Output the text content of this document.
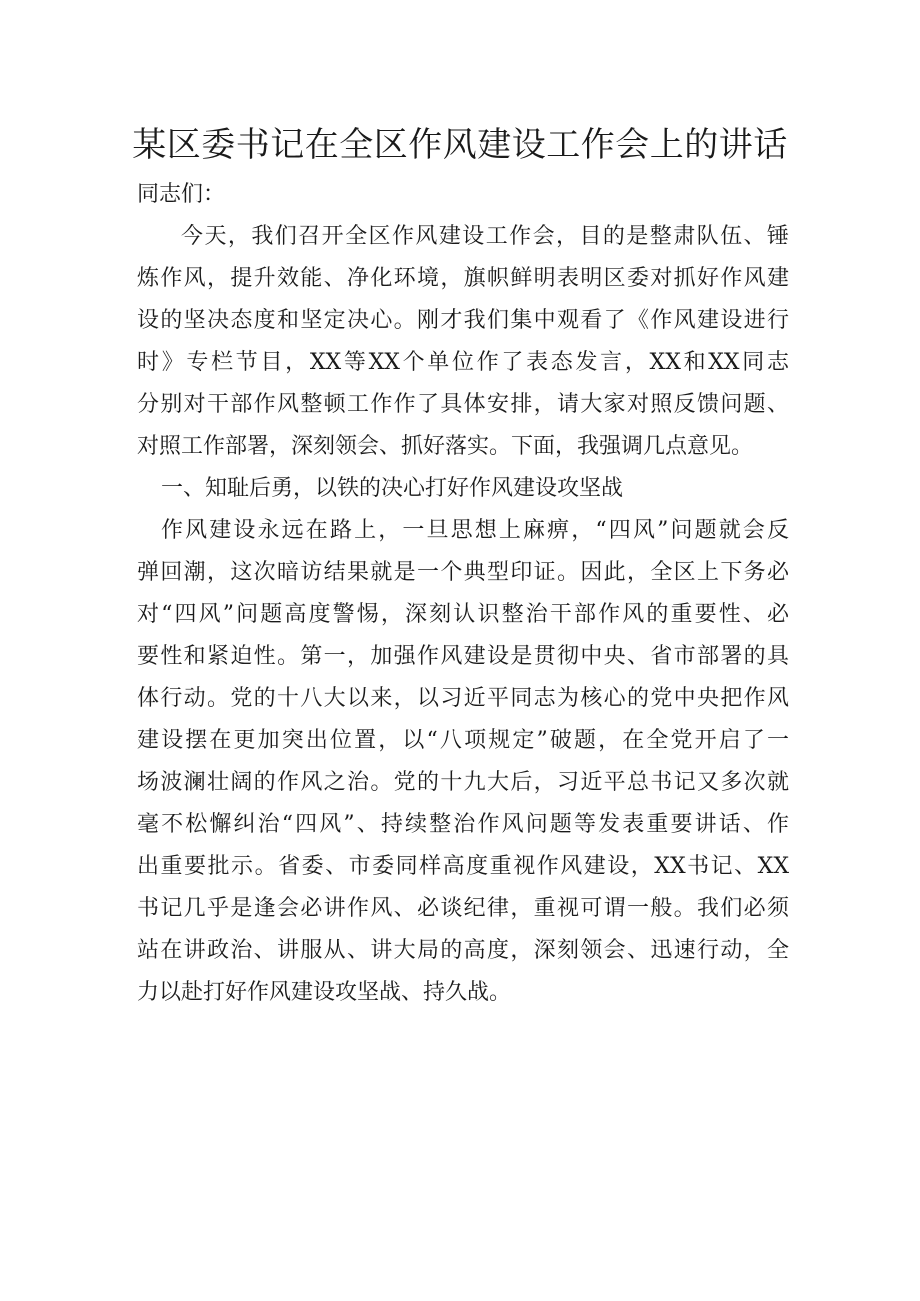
某区委书记在全区作风建设工作会上的讲话
同志们：
今天，我们召开全区作风建设工作会，目的是整肃队伍、锤
炼作风，提升效能、净化环境，旗帜鲜明表明区委对抓好作风建
设的坚决态度和坚定决心。刚才我们集中观看了《作风建设进行
时》专栏节目，XX等XX个单位作了表态发言，XX和XX同志
分别对干部作风整顿工作作了具体安排，请大家对照反馈问题、
对照工作部署，深刻领会、抓好落实。下面，我强调几点意见。
一、知耻后勇，以铁的决心打好作风建设攻坚战
作风建设永远在路上，一旦思想上麻痹，“四风”问题就会反
弹回潮，这次暗访结果就是一个典型印证。因此，全区上下务必
对“四风”问题高度警惕，深刻认识整治干部作风的重要性、必
要性和紧迫性。第一，加强作风建设是贯彻中央、省市部署的具
体行动。党的十八大以来，以习近平同志为核心的党中央把作风
建设摆在更加突出位置，以“八项规定”破题，在全党开启了一
场波澜壮阔的作风之治。党的十九大后，习近平总书记又多次就
毫不松懈纠治“四风”、持续整治作风问题等发表重要讲话、作
出重要批示。省委、市委同样高度重视作风建设，XX书记、XX
书记几乎是逢会必讲作风、必谈纪律，重视可谓一般。我们必须
站在讲政治、讲服从、讲大局的高度，深刻领会、迅速行动，全
力以赴打好作风建设攻坚战、持久战。
